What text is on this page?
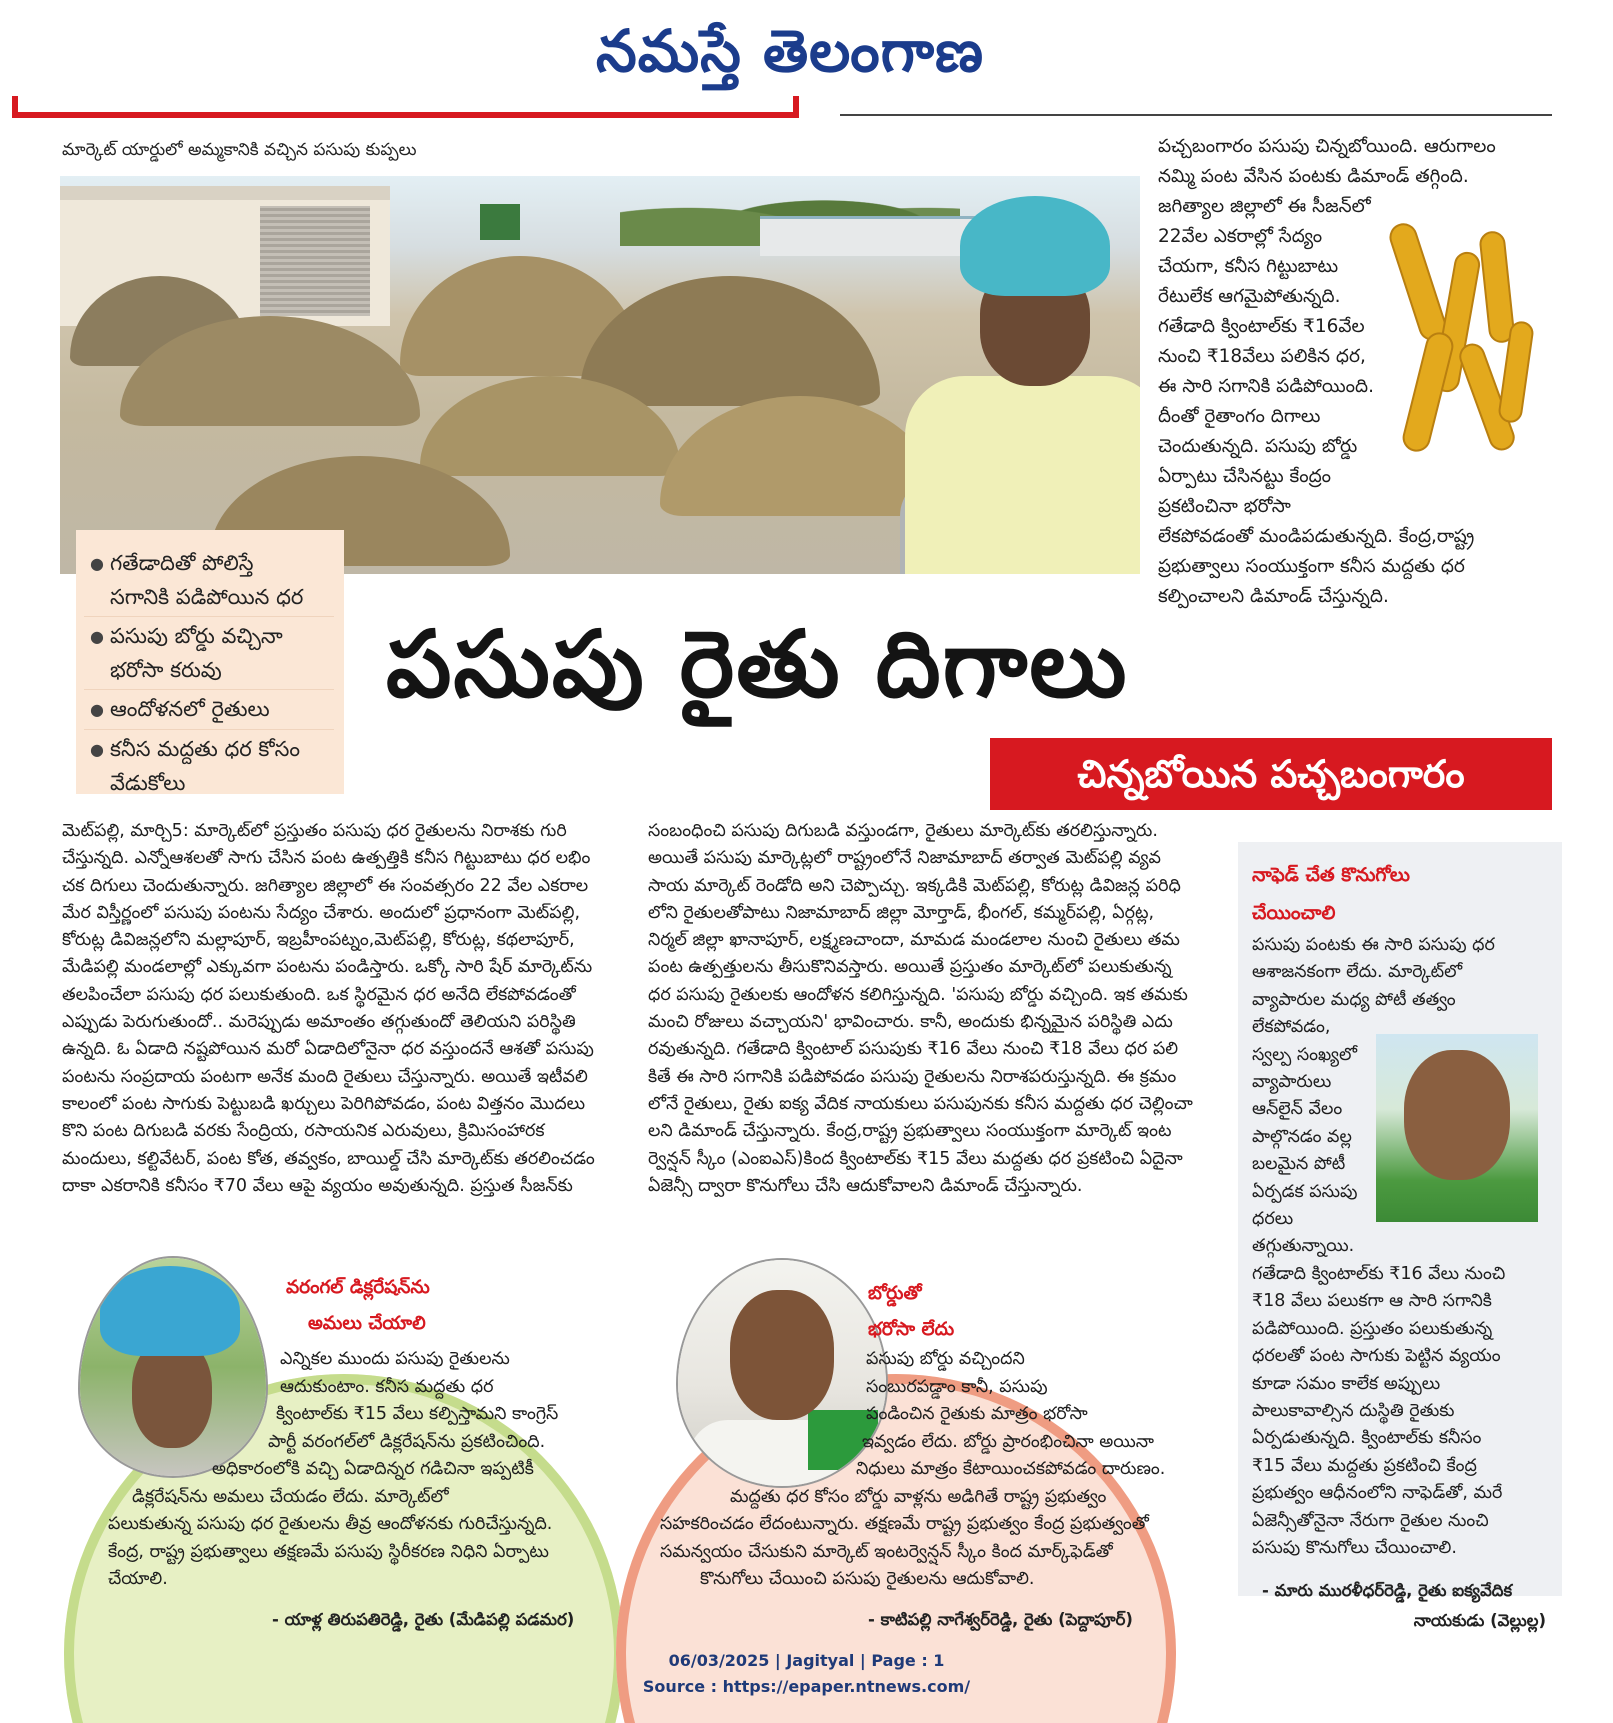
నమస్తే తెలంగాణ
మార్కెట్ యార్డులో అమ్మకానికి వచ్చిన పసుపు కుప్పలు	పచ్చబంగారం పసుపు చిన్నబోయింది. ఆరుగాలం
నమ్మి పంట వేసిన పంటకు డిమాండ్ తగ్గింది.
జగిత్యాల జిల్లాలో ఈ సీజన్‌లో
22వేల ఎకరాల్లో సేద్యం
చేయగా, కనీస గిట్టుబాటు
రేటులేక ఆగమైపోతున్నది.
గతేడాది క్వింటాల్‌కు ₹16వేల
నుంచి ₹18వేలు పలికిన ధర,
ఈ సారి సగానికి పడిపోయింది.
దీంతో రైతాంగం దిగాలు
చెందుతున్నది. పసుపు బోర్డు
ఏర్పాటు చేసినట్టు కేంద్రం
ప్రకటించినా భరోసా
లేకపోవడంతో మండిపడుతున్నది. కేంద్ర,రాష్ట్ర
ప్రభుత్వాలు సంయుక్తంగా కనీస మద్దతు ధర
కల్పించాలని డిమాండ్ చేస్తున్నది.
● గతేడాదితో పోలిస్తే
సగానికి పడిపోయిన ధర
● పసుపు బోర్డు వచ్చినా
భరోసా కరువు
● ఆందోళనలో రైతులు
● కనీస మద్దతు ధర కోసం
వేడుకోలు
పసుపు రైతు దిగాలు
చిన్నబోయిన పచ్చబంగారం
మెట్‌పల్లి, మార్చి5: మార్కెట్‌లో ప్రస్తుతం పసుపు ధర రైతులను నిరాశకు గురి
చేస్తున్నది. ఎన్నోఆశలతో సాగు చేసిన పంట ఉత్పత్తికి కనీస గిట్టుబాటు ధర లభిం
చక దిగులు చెందుతున్నారు. జగిత్యాల జిల్లాలో ఈ సంవత్సరం 22 వేల ఎకరాల
మేర విస్తీర్ణంలో పసుపు పంటను సేద్యం చేశారు. అందులో ప్రధానంగా మెట్‌పల్లి,
కోరుట్ల డివిజన్లలోని మల్లాపూర్, ఇబ్రహీంపట్నం,మెట్‌పల్లి, కోరుట్ల, కథలాపూర్,
మేడిపల్లి మండలాల్లో ఎక్కువగా పంటను పండిస్తారు. ఒక్కో సారి షేర్ మార్కెట్‌ను
తలపించేలా పసుపు ధర పలుకుతుంది. ఒక స్థిరమైన ధర అనేది లేకపోవడంతో
ఎప్పుడు పెరుగుతుందో.. మరెప్పుడు అమాంతం తగ్గుతుందో తెలియని పరిస్థితి
ఉన్నది. ఓ ఏడాది నష్టపోయిన మరో ఏడాదిలోనైనా ధర వస్తుందనే ఆశతో పసుపు
పంటను సంప్రదాయ పంటగా అనేక మంది రైతులు చేస్తున్నారు. అయితే ఇటీవలి
కాలంలో పంట సాగుకు పెట్టుబడి ఖర్చులు పెరిగిపోవడం, పంట విత్తనం మొదలు
కొని పంట దిగుబడి వరకు సేంద్రియ, రసాయనిక ఎరువులు, క్రిమిసంహారక
మందులు, కల్టివేటర్, పంట కోత, తవ్వకం, బాయిల్డ్ చేసి మార్కెట్‌కు తరలించడం
దాకా ఎకరానికి కనీసం ₹70 వేలు ఆపై వ్యయం అవుతున్నది. ప్రస్తుత సీజన్‌కు
సంబంధించి పసుపు దిగుబడి వస్తుండగా, రైతులు మార్కెట్‌కు తరలిస్తున్నారు.
అయితే పసుపు మార్కెట్లలో రాష్ట్రంలోనే నిజామాబాద్ తర్వాత మెట్‌పల్లి వ్యవ
సాయ మార్కెట్ రెండోది అని చెప్పొచ్చు. ఇక్కడికి మెట్‌పల్లి, కోరుట్ల డివిజన్ల పరిధి
లోని రైతులతోపాటు నిజామాబాద్ జిల్లా మోర్తాడ్, భీంగల్, కమ్మర్‌పల్లి, ఏర్గట్ల,
నిర్మల్ జిల్లా ఖానాపూర్, లక్ష్మణచాందా, మామడ మండలాల నుంచి రైతులు తమ
పంట ఉత్పత్తులను తీసుకొనివస్తారు. అయితే ప్రస్తుతం మార్కెట్‌లో పలుకుతున్న
ధర పసుపు రైతులకు ఆందోళన కలిగిస్తున్నది. 'పసుపు బోర్డు వచ్చింది. ఇక తమకు
మంచి రోజులు వచ్చాయని' భావించారు. కానీ, అందుకు భిన్నమైన పరిస్థితి ఎదు
రవుతున్నది. గతేడాది క్వింటాల్ పసుపుకు ₹16 వేలు నుంచి ₹18 వేలు ధర పలి
కితే ఈ సారి సగానికి పడిపోవడం పసుపు రైతులను నిరాశపరుస్తున్నది. ఈ క్రమం
లోనే రైతులు, రైతు ఐక్య వేదిక నాయకులు పసుపునకు కనీస మద్దతు ధర చెల్లించా
లని డిమాండ్ చేస్తున్నారు. కేంద్ర,రాష్ట్ర ప్రభుత్వాలు సంయుక్తంగా మార్కెట్ ఇంట
ర్వెన్షన్ స్కీం (ఎంఐఎస్)కింద క్వింటాల్‌కు ₹15 వేలు మద్దతు ధర ప్రకటించి ఏదైనా
ఏజెన్సీ ద్వారా కొనుగోలు చేసి ఆదుకోవాలని డిమాండ్ చేస్తున్నారు.
నాఫెడ్ చేత కొనుగోలు
చేయించాలి
పసుపు పంటకు ఈ సారి పసుపు ధర
ఆశాజనకంగా లేదు. మార్కెట్‌లో
వ్యాపారుల మధ్య పోటీ తత్వం
లేకపోవడం,
స్వల్ప సంఖ్యలో
వ్యాపారులు
ఆన్‌లైన్ వేలం
పాల్గొనడం వల్ల
బలమైన పోటీ
ఏర్పడక పసుపు
ధరలు
తగ్గుతున్నాయి.
గతేడాది క్వింటాల్‌కు ₹16 వేలు నుంచి
₹18 వేలు పలుకగా ఆ సారి సగానికి
పడిపోయింది. ప్రస్తుతం పలుకుతున్న
ధరలతో పంట సాగుకు పెట్టిన వ్యయం
కూడా సమం కాలేక అప్పులు
పాలుకావాల్సిన దుస్థితి రైతుకు
ఏర్పడుతున్నది. క్వింటాల్‌కు కనీసం
₹15 వేలు మద్దతు ప్రకటించి కేంద్ర
ప్రభుత్వం ఆధీనంలోని నాఫెడ్‌తో, మరే
ఏజెన్సీతోనైనా నేరుగా రైతుల నుంచి
పసుపు కొనుగోలు చేయించాలి.
- మారు మురళీధర్‌రెడ్డి, రైతు ఐక్యవేదిక
నాయకుడు (వెల్లుల్ల)
వరంగల్ డిక్లరేషన్‌ను
అమలు చేయాలి
ఎన్నికల ముందు పసుపు రైతులను
ఆదుకుంటాం. కనీస మద్దతు ధర
క్వింటాల్‌కు ₹15 వేలు కల్పిస్తామని కాంగ్రెస్
పార్టీ వరంగల్‌లో డిక్లరేషన్‌ను ప్రకటించింది.
అధికారంలోకి వచ్చి ఏడాదిన్నర గడిచినా ఇప్పటికీ
డిక్లరేషన్‌ను అమలు చేయడం లేదు. మార్కెట్‌లో
పలుకుతున్న పసుపు ధర రైతులను తీవ్ర ఆందోళనకు గురిచేస్తున్నది.
కేంద్ర, రాష్ట్ర ప్రభుత్వాలు తక్షణమే పసుపు స్థిరీకరణ నిధిని ఏర్పాటు
చేయాలి.
- యాళ్ల తిరుపతిరెడ్డి, రైతు (మేడిపల్లి పడమర)
బోర్డుతో
భరోసా లేదు
పసుపు బోర్డు వచ్చిందని
సంబురపడ్డాం కానీ, పసుపు
పండించిన రైతుకు మాత్రం భరోసా
ఇవ్వడం లేదు. బోర్డు ప్రారంభించినా అయినా
నిధులు మాత్రం కేటాయించకపోవడం దారుణం.
మద్దతు ధర కోసం బోర్డు వాళ్లను అడిగితే రాష్ట్ర ప్రభుత్వం
సహకరించడం లేదంటున్నారు. తక్షణమే రాష్ట్ర ప్రభుత్వం కేంద్ర ప్రభుత్వంతో
సమన్వయం చేసుకుని మార్కెట్ ఇంటర్వెన్షన్ స్కీం కింద మార్క్‌ఫెడ్‌తో
కొనుగోలు చేయించి పసుపు రైతులను ఆదుకోవాలి.
- కాటిపల్లి నాగేశ్వర్‌రెడ్డి, రైతు (పెద్దాపూర్)
06/03/2025 | Jagityal | Page : 1
Source : https://epaper.ntnews.com/
